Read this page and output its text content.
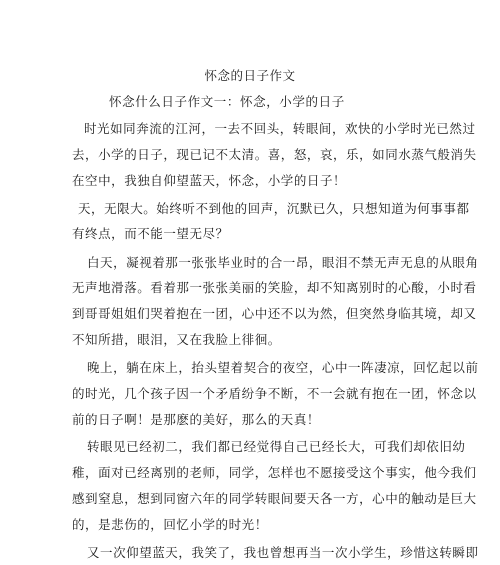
怀念的日子作文
怀念什么日子作文一：怀念，小学的日子
时光如同奔流的江河，一去不回头，转眼间，欢快的小学时光已然过
去，小学的日子，现已记不太清。喜，怒，哀，乐，如同水蒸气般消失
在空中，我独自仰望蓝天，怀念，小学的日子！
天，无限大。始终听不到他的回声，沉默已久，只想知道为何事事都
有终点，而不能一望无尽？
白天，凝视着那一张张毕业时的合一昂，眼泪不禁无声无息的从眼角
无声地滑落。看着那一张张美丽的笑脸，却不知离别时的心酸，小时看
到哥哥姐姐们哭着抱在一团，心中还不以为然，但突然身临其境，却又
不知所措，眼泪，又在我脸上徘徊。
晚上，躺在床上，抬头望着契合的夜空，心中一阵凄凉，回忆起以前
的时光，几个孩子因一个矛盾纷争不断，不一会就有抱在一团，怀念以
前的日子啊！是那麽的美好，那么的天真！
转眼见已经初二，我们都已经觉得自己已经长大，可我们却依旧幼
稚，面对已经离别的老师，同学，怎样也不愿接受这个事实，他今我们
感到窒息，想到同窗六年的同学转眼间要天各一方，心中的触动是巨大
的，是悲伤的，回忆小学的时光！
又一次仰望蓝天，我笑了，我也曾想再当一次小学生，珍惜这转瞬即
